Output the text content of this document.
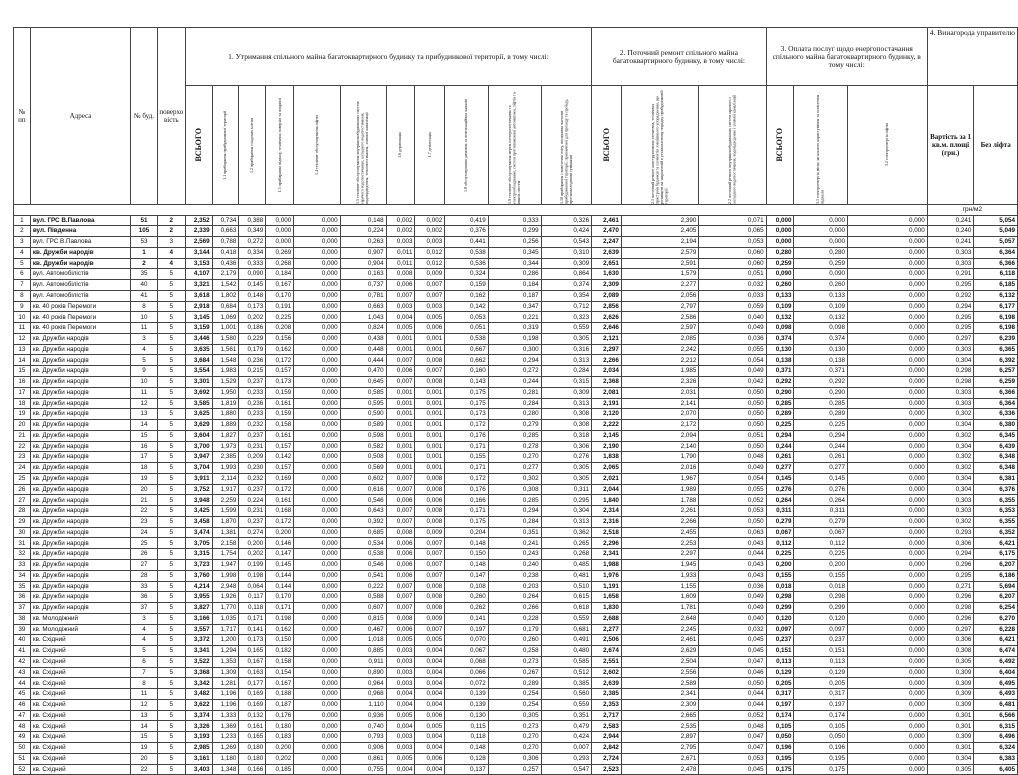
№ пп	Адреса	№ буд.	поверхо вість	1. Утримання спільного майна багатоквартирного будинку та прибудинкової території, в тому числі:											2. Поточний ремонт спільного майна багатоквартирного будинку, в тому числі:			3. Оплата послуг щодо енергопостачання спільного майна багатоквартирного будинку, в тому числі:			4. Винагорода управителю	

				ВСЬОГО	1.1 прибирання прибудинкової території	1.2 прибирання сходових клітин	1.3 прибирання підвалу, технічних поверхів та покрівлі	1.4 технічне обслуговування ліфтів	1.5 технічне обслуговування внутрішньобудинкових систем: гарячого водопостачання, холодного водопостачання, водовідведення, теплопостачання, зливної каналізації	1.6 дератизація	1.7 дезінсекція	1.8 обслуговування димових та вентиляційних каналів	1.9 технічне обслуговування мереж електропостачання та електрообладнання, систем протипожежної автоматики, ліфтів та інших систем	1.10 прибирання і вивезення снігу, посипання частини прибудинкової території, призначеної для проходу та проїзду, протиожеледними сумішами	ВСЬОГО	2.1 поточний ремонт конструктивних елементів, технічних пристроїв будинків та елементів зовнішнього упорядження, що розміщені на закріпленій в установленому порядку прибудинковій території	2.2 поточний ремонт внутрішньобудинкових систем гарячого і холодного водопостачання, водовідведення і зливної каналізації	ВСЬОГО	3.1 електроенергія місць загального користування та освітлення підвалів	3.2 електроенергія ліфтів	Вартість за 1 кв.м. площі (грн.)	Без ліфта
																					грн/м2	
1	вул. ГРС В.Павлова	51	2	2,352	0,734	0,388	0,000	0,000	0,148	0,002	0,002	0,419	0,333	0,326	2,461	2,390	0,071	0,000	0,000	0,000	0,241	5,054
2	вул. Південна	105	2	2,339	0,663	0,349	0,000	0,000	0,224	0,002	0,002	0,376	0,299	0,424	2,470	2,405	0,065	0,000	0,000	0,000	0,240	5,049
3	вул. ГРС В.Павлова	53	3	2,569	0,788	0,272	0,000	0,000	0,263	0,003	0,003	0,441	0,256	0,543	2,247	2,194	0,053	0,000	0,000	0,000	0,241	5,057
4	кв. Дружби народів	1	4	3,144	0,418	0,334	0,269	0,000	0,907	0,011	0,012	0,538	0,345	0,310	2,639	2,579	0,060	0,280	0,280	0,000	0,303	6,364
5	кв. Дружби народів	2	4	3,153	0,436	0,333	0,268	0,000	0,904	0,011	0,012	0,536	0,344	0,309	2,651	2,591	0,060	0,259	0,259	0,000	0,303	6,366
6	вул. Автомобілістів	35	5	4,107	2,179	0,090	0,184	0,000	0,163	0,008	0,009	0,324	0,286	0,864	1,630	1,579	0,051	0,090	0,090	0,000	0,291	6,118
7	вул. Автомобілістів	40	5	3,321	1,542	0,145	0,167	0,000	0,737	0,006	0,007	0,159	0,184	0,374	2,309	2,277	0,032	0,260	0,260	0,000	0,295	6,185
8	вул. Автомобілістів	41	5	3,618	1,802	0,148	0,170	0,000	0,781	0,007	0,007	0,162	0,187	0,354	2,089	2,056	0,033	0,133	0,133	0,000	0,292	6,132
9	кв. 40 років Перемоги	8	5	2,918	0,684	0,173	0,191	0,000	0,663	0,003	0,003	0,142	0,347	0,712	2,856	2,797	0,059	0,109	0,109	0,000	0,294	6,177
10	кв. 40 років Перемоги	10	5	3,145	1,069	0,202	0,225	0,000	1,043	0,004	0,005	0,053	0,221	0,323	2,626	2,586	0,040	0,132	0,132	0,000	0,295	6,198
11	кв. 40 років Перемоги	11	5	3,159	1,001	0,186	0,208	0,000	0,824	0,005	0,006	0,051	0,319	0,559	2,646	2,597	0,049	0,098	0,098	0,000	0,295	6,198
12	кв. Дружби народів	3	5	3,446	1,580	0,229	0,156	0,000	0,438	0,001	0,001	0,538	0,198	0,305	2,121	2,085	0,036	0,374	0,374	0,000	0,297	6,239
13	кв. Дружби народів	4	5	3,635	1,561	0,179	0,162	0,000	0,448	0,001	0,001	0,667	0,300	0,316	2,297	2,242	0,055	0,130	0,130	0,000	0,303	6,365
14	кв. Дружби народів	5	5	3,684	1,548	0,236	0,172	0,000	0,444	0,007	0,008	0,662	0,294	0,313	2,266	2,212	0,054	0,138	0,138	0,000	0,304	6,392
15	кв. Дружби народів	9	5	3,554	1,983	0,215	0,157	0,000	0,470	0,006	0,007	0,160	0,272	0,284	2,034	1,985	0,049	0,371	0,371	0,000	0,298	6,257
16	кв. Дружби народів	10	5	3,301	1,529	0,237	0,173	0,000	0,645	0,007	0,008	0,143	0,244	0,315	2,368	2,326	0,042	0,292	0,292	0,000	0,298	6,259
17	кв. Дружби народів	11	5	3,692	1,950	0,233	0,159	0,000	0,585	0,001	0,001	0,175	0,281	0,309	2,081	2,031	0,050	0,290	0,290	0,000	0,303	6,366
18	кв. Дружби народів	12	5	3,585	1,819	0,236	0,161	0,000	0,595	0,001	0,001	0,175	0,284	0,313	2,191	2,141	0,050	0,285	0,285	0,000	0,303	6,364
19	кв. Дружби народів	13	5	3,625	1,880	0,233	0,159	0,000	0,590	0,001	0,001	0,173	0,280	0,308	2,120	2,070	0,050	0,289	0,289	0,000	0,302	6,336
20	кв. Дружби народів	14	5	3,629	1,889	0,232	0,158	0,000	0,589	0,001	0,001	0,172	0,279	0,308	2,222	2,172	0,050	0,225	0,225	0,000	0,304	6,380
21	кв. Дружби народів	15	5	3,604	1,827	0,237	0,161	0,000	0,598	0,001	0,001	0,176	0,285	0,318	2,145	2,094	0,051	0,294	0,294	0,000	0,302	6,345
22	кв. Дружби народів	16	5	3,700	1,973	0,231	0,157	0,000	0,582	0,001	0,001	0,171	0,278	0,306	2,190	2,140	0,050	0,244	0,244	0,000	0,304	6,439
23	кв. Дружби народів	17	5	3,947	2,385	0,209	0,142	0,000	0,508	0,001	0,001	0,155	0,270	0,276	1,838	1,790	0,048	0,261	0,261	0,000	0,302	6,348
24	кв. Дружби народів	18	5	3,704	1,993	0,230	0,157	0,000	0,569	0,001	0,001	0,171	0,277	0,305	2,065	2,016	0,049	0,277	0,277	0,000	0,302	6,348
25	кв. Дружби народів	19	5	3,911	2,114	0,232	0,169	0,000	0,602	0,007	0,008	0,172	0,302	0,305	2,021	1,967	0,054	0,145	0,145	0,000	0,304	6,381
26	кв. Дружби народів	20	5	3,752	1,917	0,237	0,172	0,000	0,616	0,007	0,008	0,176	0,308	0,311	2,044	1,989	0,055	0,276	0,276	0,000	0,304	6,376
27	кв. Дружби народів	21	5	3,948	2,259	0,224	0,161	0,000	0,546	0,006	0,006	0,166	0,285	0,295	1,840	1,788	0,052	0,264	0,264	0,000	0,303	6,355
28	кв. Дружби народів	22	5	3,425	1,599	0,231	0,168	0,000	0,643	0,007	0,008	0,171	0,294	0,304	2,314	2,261	0,053	0,311	0,311	0,000	0,303	6,353
29	кв. Дружби народів	23	5	3,458	1,870	0,237	0,172	0,000	0,392	0,007	0,008	0,175	0,284	0,313	2,316	2,266	0,050	0,279	0,279	0,000	0,302	6,355
30	кв. Дружби народів	24	5	3,474	1,381	0,274	0,200	0,000	0,685	0,008	0,009	0,204	0,351	0,362	2,518	2,455	0,063	0,067	0,067	0,000	0,293	6,352
31	кв. Дружби народів	25	5	3,705	2,158	0,200	0,146	0,000	0,534	0,006	0,007	0,148	0,241	0,265	2,296	2,253	0,043	0,112	0,112	0,000	0,306	6,421
32	кв. Дружби народів	26	5	3,315	1,754	0,202	0,147	0,000	0,538	0,006	0,007	0,150	0,243	0,268	2,341	2,297	0,044	0,225	0,225	0,000	0,294	6,175
33	кв. Дружби народів	27	5	3,723	1,947	0,199	0,145	0,000	0,546	0,006	0,007	0,148	0,240	0,485	1,988	1,945	0,043	0,200	0,200	0,000	0,296	6,207
34	кв. Дружби народів	28	5	3,760	1,998	0,198	0,144	0,000	0,541	0,006	0,007	0,147	0,238	0,481	1,976	1,933	0,043	0,155	0,155	0,000	0,295	6,186
35	кв. Дружби народів	33	5	4,214	2,948	0,064	0,144	0,000	0,222	0,007	0,008	0,108	0,203	0,510	1,191	1,155	0,036	0,018	0,018	0,000	0,271	5,694
36	кв. Дружби народів	36	5	3,955	1,926	0,117	0,170	0,000	0,588	0,007	0,008	0,260	0,264	0,615	1,658	1,609	0,049	0,298	0,298	0,000	0,296	6,207
37	кв. Дружби народів	37	5	3,827	1,770	0,118	0,171	0,000	0,607	0,007	0,008	0,262	0,266	0,618	1,830	1,781	0,049	0,299	0,299	0,000	0,298	6,254
38	кв. Молодіжний	3	5	3,166	1,035	0,171	0,198	0,000	0,815	0,008	0,009	0,141	0,228	0,559	2,688	2,648	0,040	0,120	0,120	0,000	0,296	6,270
39	кв. Молодіжний	4	5	3,557	1,717	0,141	0,162	0,000	0,467	0,006	0,007	0,197	0,179	0,681	2,277	2,245	0,032	0,097	0,097	0,000	0,297	6,228
40	кв. Східний	4	5	3,372	1,200	0,173	0,150	0,000	1,018	0,005	0,005	0,070	0,260	0,491	2,506	2,461	0,045	0,237	0,237	0,000	0,306	6,421
41	кв. Східний	5	5	3,341	1,294	0,165	0,182	0,000	0,885	0,003	0,004	0,067	0,258	0,480	2,674	2,629	0,045	0,151	0,151	0,000	0,308	6,474
42	кв. Східний	6	5	3,522	1,353	0,167	0,158	0,000	0,911	0,003	0,004	0,068	0,273	0,585	2,551	2,504	0,047	0,113	0,113	0,000	0,305	6,492
43	кв. Східний	7	5	3,368	1,309	0,163	0,154	0,000	0,890	0,003	0,004	0,066	0,267	0,512	2,602	2,556	0,046	0,129	0,129	0,000	0,309	6,404
44	кв. Східний	8	5	3,342	1,281	0,177	0,167	0,000	0,964	0,003	0,004	0,072	0,289	0,385	2,639	2,589	0,050	0,205	0,205	0,000	0,309	6,495
45	кв. Східний	11	5	3,482	1,196	0,169	0,188	0,000	0,968	0,004	0,004	0,139	0,254	0,560	2,385	2,341	0,044	0,317	0,317	0,000	0,309	6,493
46	кв. Східний	12	5	3,622	1,196	0,169	0,187	0,000	1,110	0,004	0,004	0,139	0,254	0,559	2,353	2,309	0,044	0,197	0,197	0,000	0,309	6,481
47	кв. Східний	13	5	3,374	1,333	0,132	0,176	0,000	0,936	0,005	0,006	0,130	0,305	0,351	2,717	2,665	0,052	0,174	0,174	0,000	0,301	6,566
48	кв. Східний	14	5	3,326	1,369	0,161	0,180	0,000	0,740	0,004	0,005	0,115	0,273	0,479	2,583	2,535	0,048	0,105	0,105	0,000	0,301	6,315
49	кв. Східний	15	5	3,193	1,233	0,165	0,183	0,000	0,793	0,003	0,004	0,118	0,270	0,424	2,944	2,897	0,047	0,050	0,050	0,000	0,309	6,496
50	кв. Східний	19	5	2,985	1,269	0,180	0,200	0,000	0,906	0,003	0,004	0,148	0,270	0,007	2,842	2,795	0,047	0,196	0,196	0,000	0,301	6,324
51	кв. Східний	20	5	3,161	1,180	0,180	0,202	0,000	0,861	0,005	0,006	0,128	0,306	0,293	2,724	2,671	0,053	0,195	0,195	0,000	0,304	6,383
52	кв. Східний	22	5	3,403	1,348	0,166	0,185	0,000	0,755	0,004	0,004	0,137	0,257	0,547	2,523	2,478	0,045	0,175	0,175	0,000	0,305	6,405
